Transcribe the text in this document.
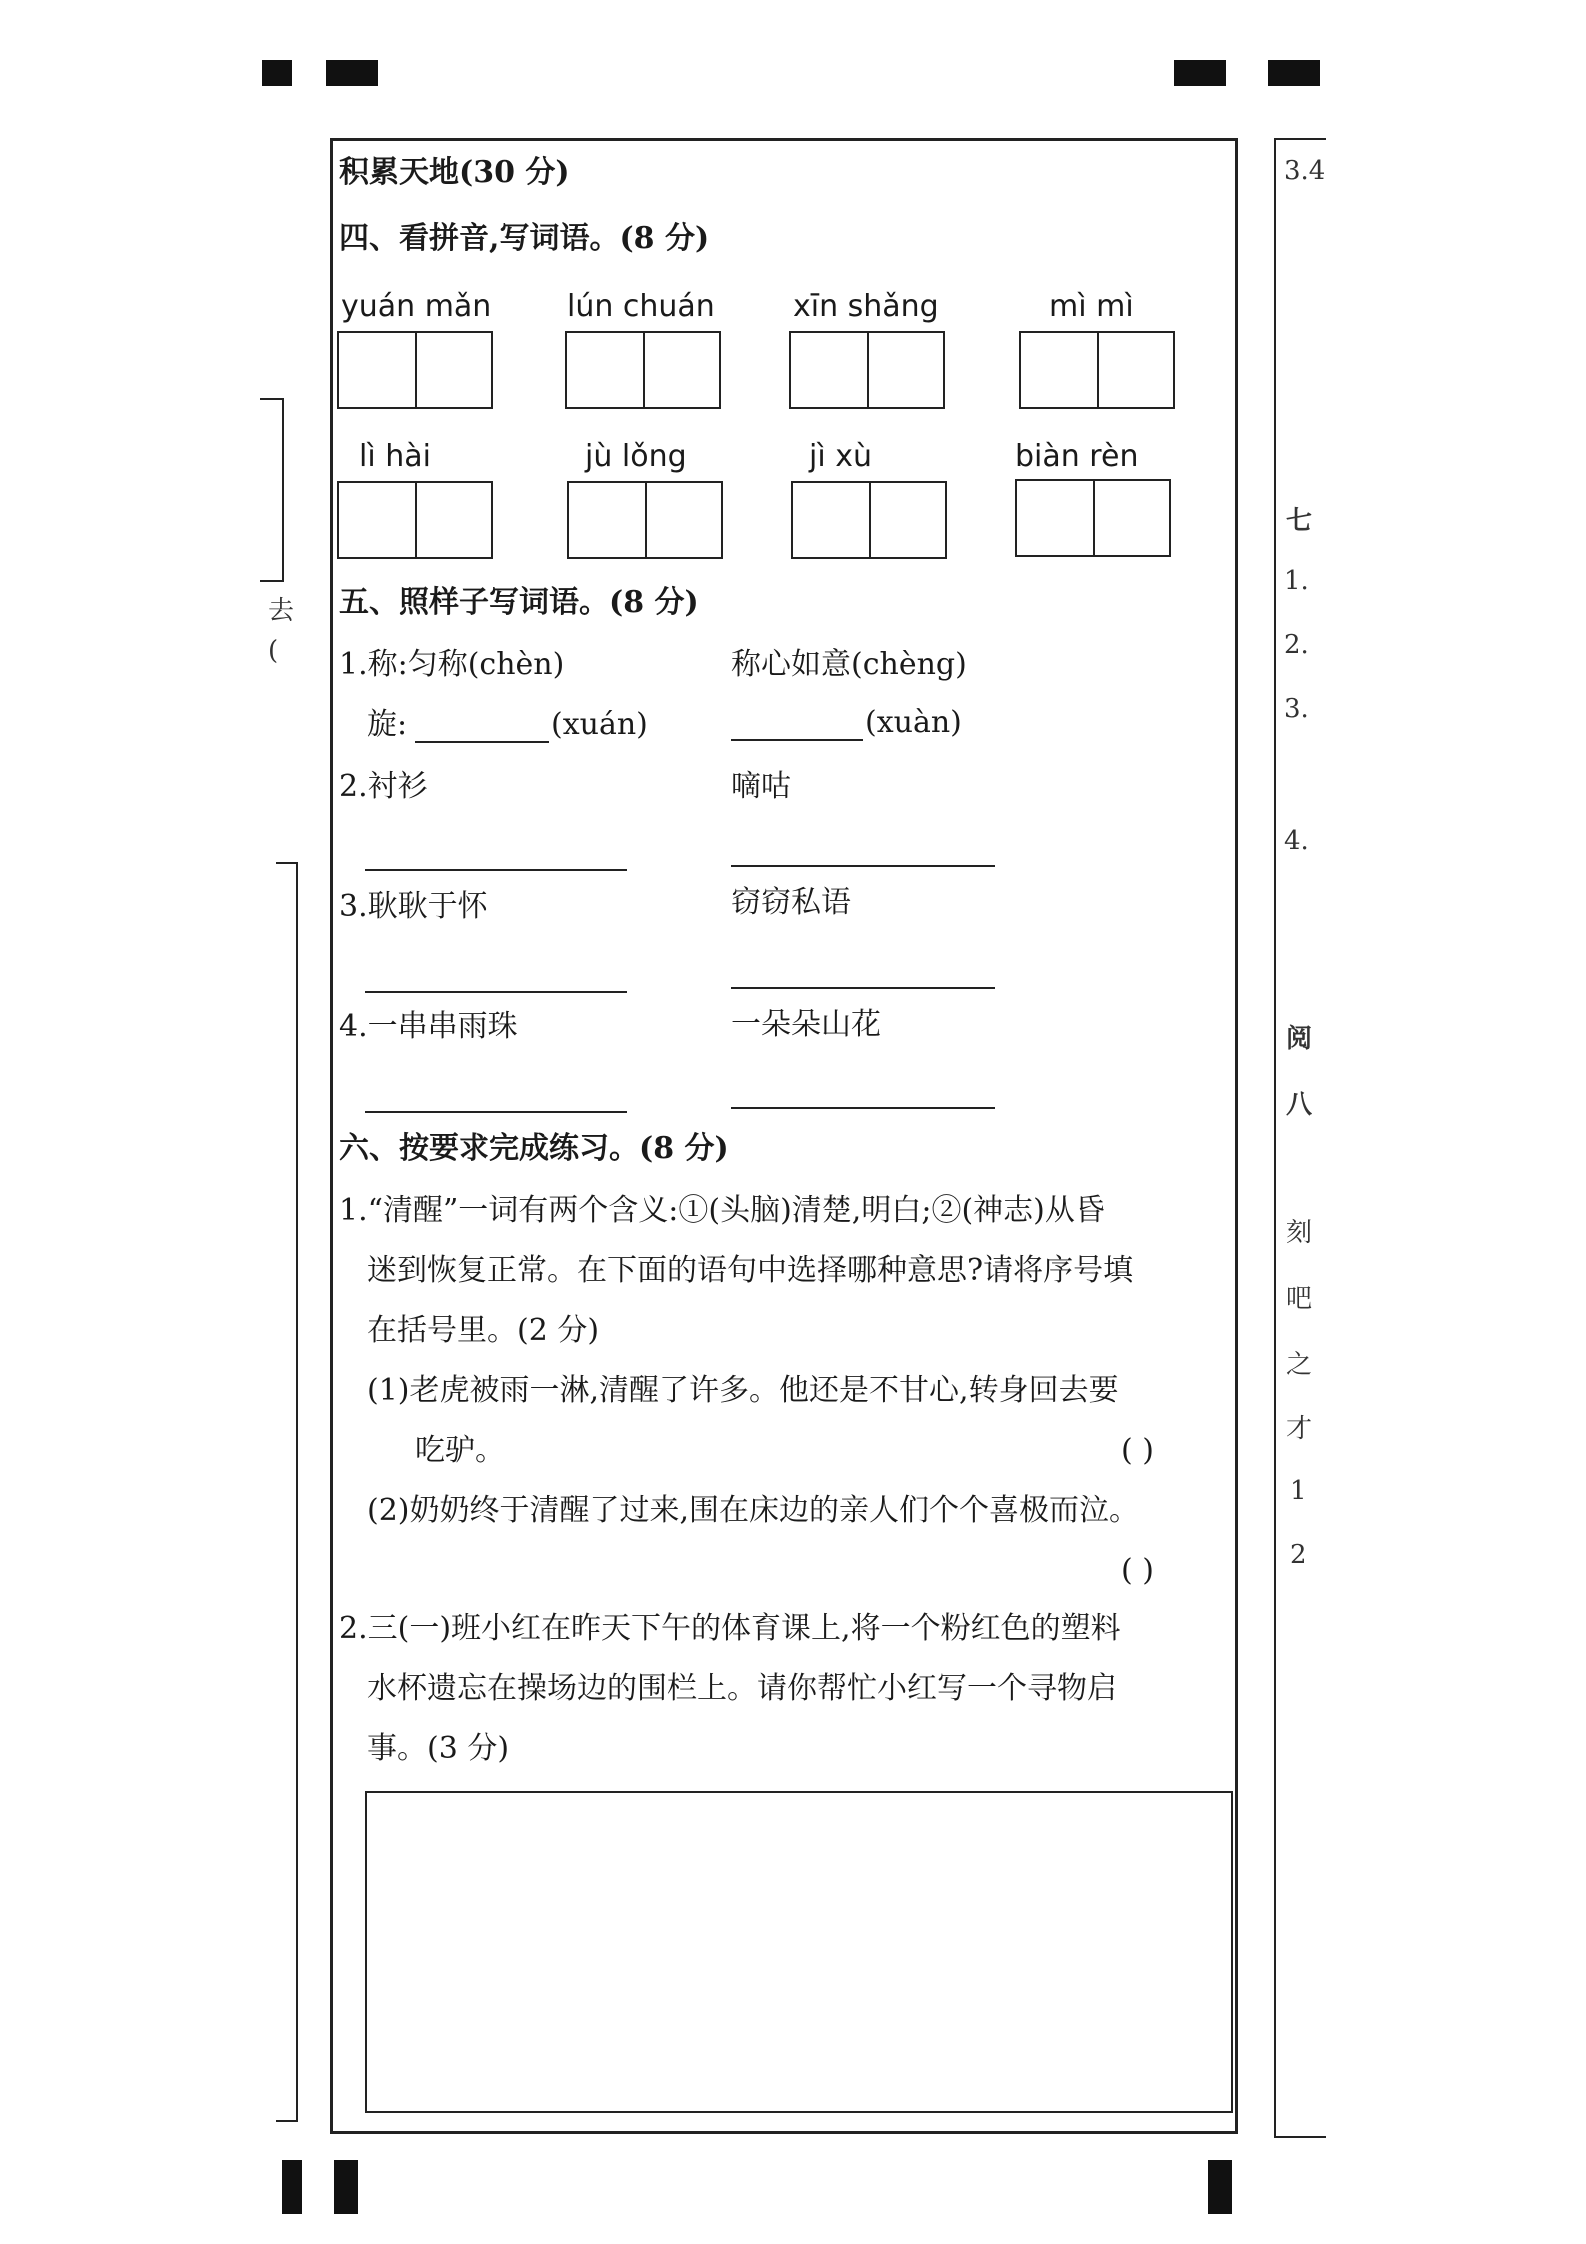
去
(
3.4
七
1.
2.
3.
4.
阅
八
刻
吧
之
才
1
2
积累天地(30 分)
四、看拼音,写词语。(8 分)
yuán mǎn	lún chuán	xīn shǎng	mì mì
lì hài	jù lǒng	jì xù	biàn rèn
五、照样子写词语。(8 分)
1.称:匀称(chèn)	称心如意(chèng)
旋:	(xuán)	(xuàn)
2.衬衫	嘀咕
3.耿耿于怀	窃窃私语
4.一串串雨珠	一朵朵山花
六、按要求完成练习。(8 分)
1.“清醒”一词有两个含义:①(头脑)清楚,明白;②(神志)从昏
迷到恢复正常。在下面的语句中选择哪种意思?请将序号填
在括号里。(2 分)
(1)老虎被雨一淋,清醒了许多。他还是不甘心,转身回去要
吃驴。	( )
(2)奶奶终于清醒了过来,围在床边的亲人们个个喜极而泣。
( )
2.三(一)班小红在昨天下午的体育课上,将一个粉红色的塑料
水杯遗忘在操场边的围栏上。请你帮忙小红写一个寻物启
事。(3 分)
